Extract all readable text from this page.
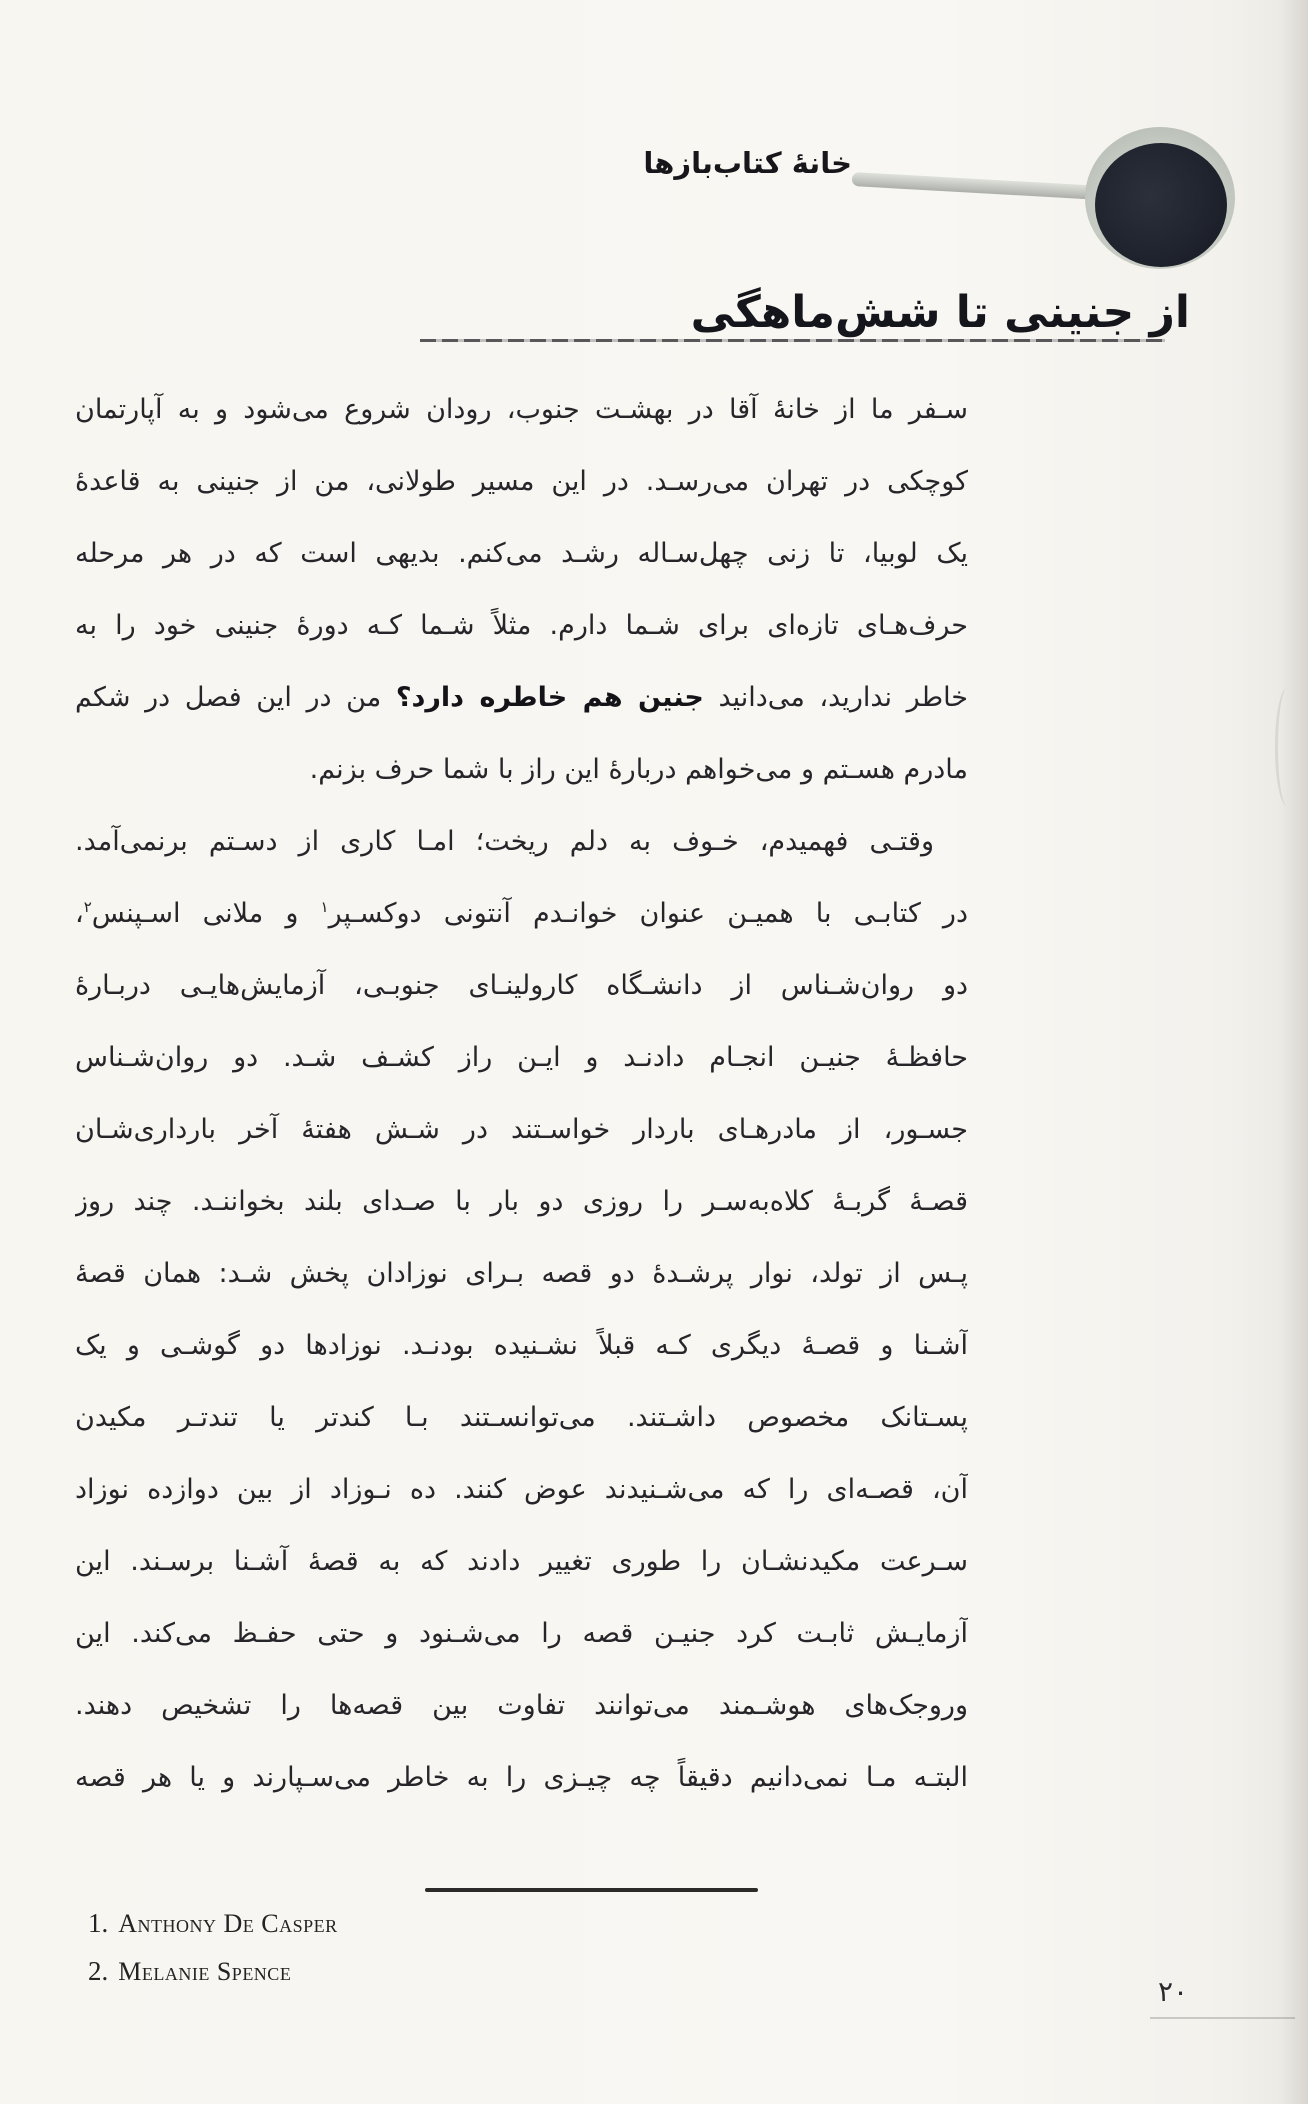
خانهٔ کتاب‌بازها
از جنینی تا شش‌ماهگی
سـفر ما از خانهٔ آقا در بهشـت جنوب، رودان شروع می‌شود و به آپارتمان
کوچکی در تهران می‌رسـد. در این مسیر طولانی، من از جنینی به قاعدهٔ
یک لوبیا، تا زنی چهل‌سـاله رشـد می‌کنم. بدیهی است که در هر مرحله
حرف‌هـای تازه‌ای برای شـما دارم. مثلاً شـما کـه دورهٔ جنینی خود را به
خاطر ندارید، می‌دانید جنین هم خاطره دارد؟ من در این فصل در شکم
مادرم هسـتم و می‌خواهم دربارهٔ این راز با شما حرف بزنم.
وقتـی فهمیدم، خـوف به دلم ریخت؛ امـا کاری از دسـتم برنمی‌آمد.
در کتابـی با همیـن عنوان خوانـدم آنتونی دوکسـپر$^۱$ و ملانی اسـپنس$^۲$،
دو روان‌شـناس از دانشـگاه کارولینـای جنوبـی، آزمایش‌هایـی دربـارهٔ
حافظـهٔ جنیـن انجـام دادنـد و ایـن راز کشـف شـد. دو روان‌شـناس
جسـور، از مادرهـای باردار خواسـتند در شـش هفتهٔ آخر بارداری‌شـان
قصـهٔ گربـهٔ کلاه‌به‌سـر را روزی دو بار با صـدای بلند بخواننـد. چند روز
پـس از تولد، نوار پرشـدهٔ دو قصه بـرای نوزادان پخش شـد: همان قصهٔ
آشـنا و قصـهٔ دیگری کـه قبلاً نشـنیده بودنـد. نوزادها دو گوشـی و یک
پسـتانک مخصوص داشـتند. می‌توانسـتند بـا کندتر یا تندتـر مکیدن
آن، قصـه‌ای را که می‌شـنیدند عوض کنند. ده نـوزاد از بین دوازده نوزاد
سـرعت مکیدنشـان را طوری تغییر دادند که به قصهٔ آشـنا برسـند. این
آزمایـش ثابـت کرد جنیـن قصه را می‌شـنود و حتی حفـظ می‌کند. این
وروجک‌های هوشـمند می‌توانند تفاوت بین قصه‌ها را تشخیص دهند.
البتـه مـا نمی‌دانیم دقیقاً چه چیـزی را به خاطر می‌سـپارند و یا هر قصه
1. Anthony De Casper
2. Melanie Spence
۲۰
